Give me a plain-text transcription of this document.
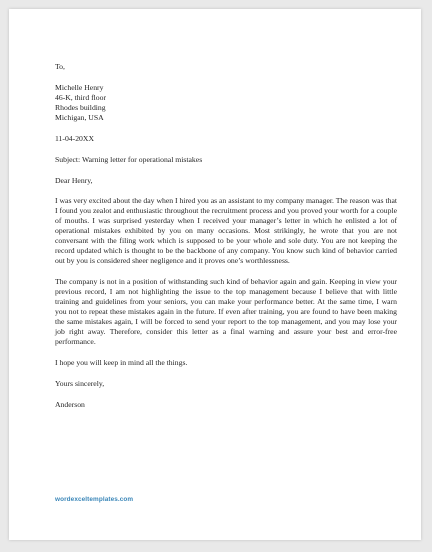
To,

Michelle Henry

46-K, third floor

Rhodes building

Michigan, USA

11-04-20XX

Subject: Warning letter for operational mistakes

Dear Henry,

I was very excited about the day when I hired you as an assistant to my company manager. The reason was that I found you zealot and enthusiastic throughout the recruitment process and you proved your worth for a couple of mouths. I was surprised yesterday when I received your manager’s letter in which he enlisted a lot of operational mistakes exhibited by you on many occasions. Most strikingly, he wrote that you are not conversant with the filing work which is supposed to be your whole and sole duty. You are not keeping the record updated which is thought to be the backbone of any company. You know such kind of behavior carried out by you is considered sheer negligence and it proves one’s worthlessness.

The company is not in a position of withstanding such kind of behavior again and gain. Keeping in view your previous record, I am not highlighting the issue to the top management because I believe that with little training and guidelines from your seniors, you can make your performance better. At the same time, I warn you not to repeat these mistakes again in the future. If even after training, you are found to have been making the same mistakes again, I will be forced to send your report to the top management, and you may lose your job right away. Therefore, consider this letter as a final warning and assure your best and error-free performance.

I hope you will keep in mind all the things.

Yours sincerely,

Anderson

wordexceltemplates.com
